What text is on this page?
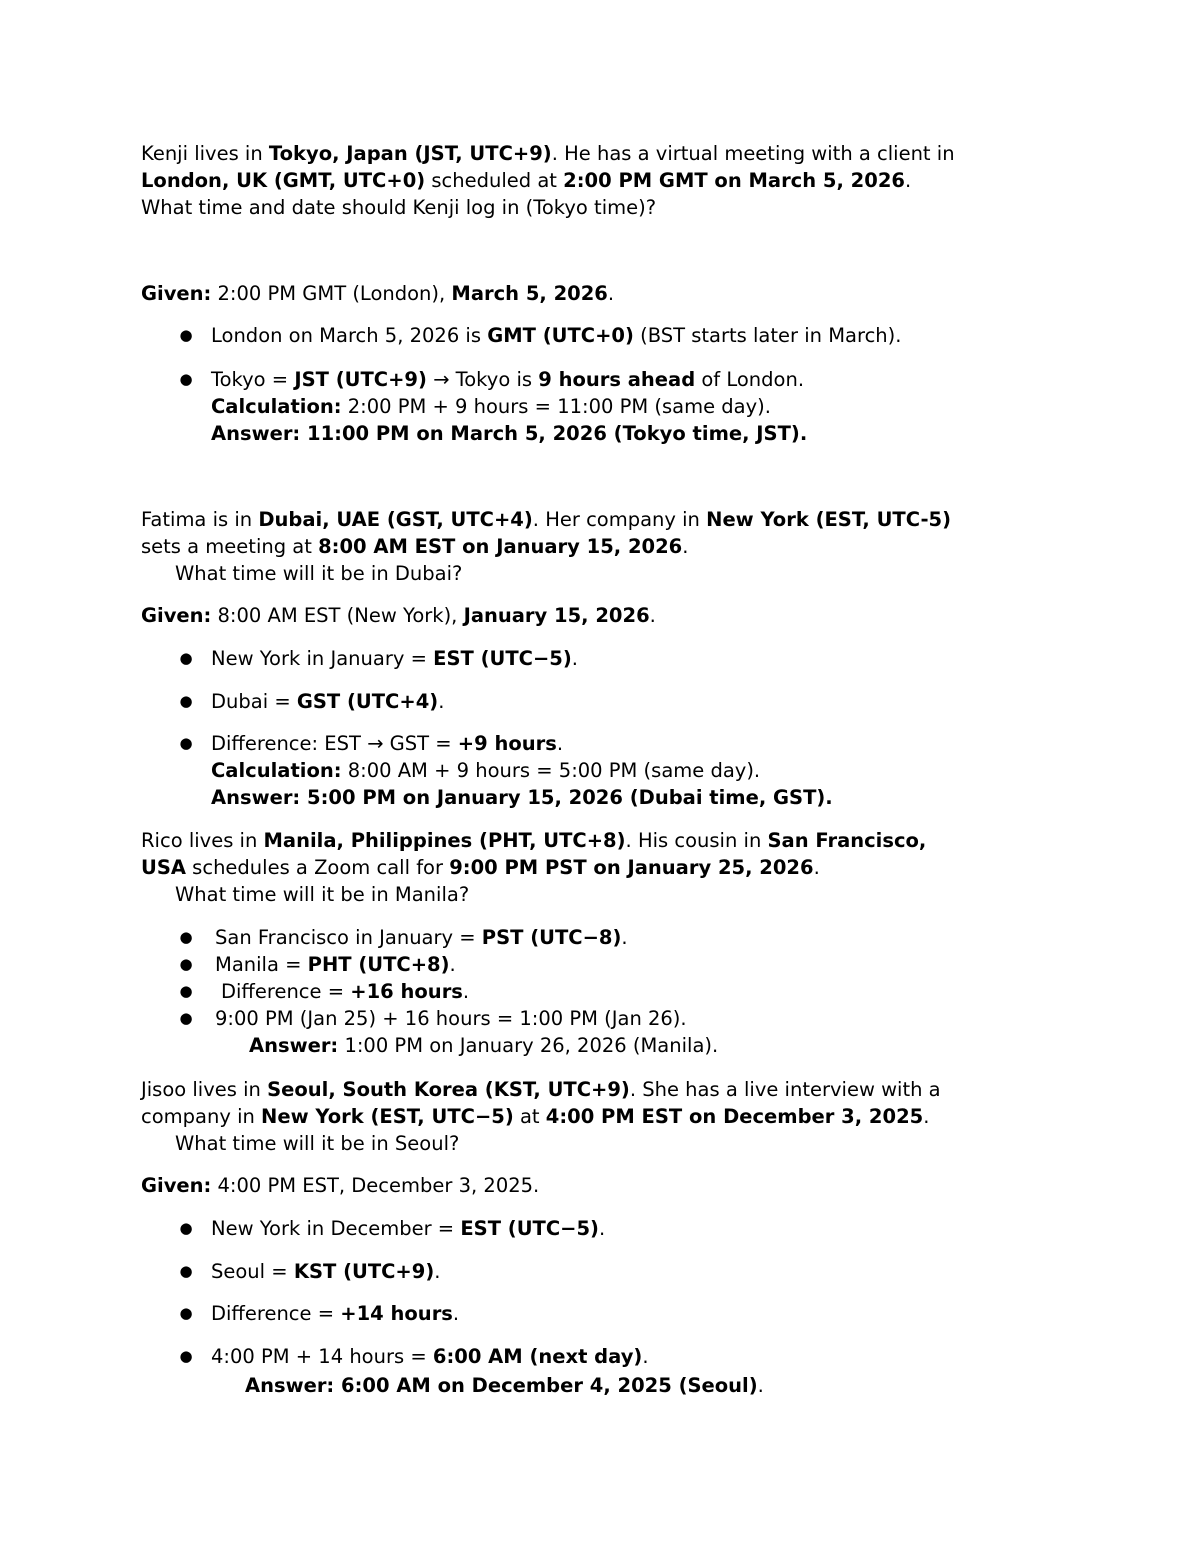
Kenji lives in Tokyo, Japan (JST, UTC+9). He has a virtual meeting with a client in
London, UK (GMT, UTC+0) scheduled at 2:00 PM GMT on March 5, 2026.
What time and date should Kenji log in (Tokyo time)?
Given: 2:00 PM GMT (London), March 5, 2026.
● London on March 5, 2026 is GMT (UTC+0) (BST starts later in March).
● Tokyo = JST (UTC+9) → Tokyo is 9 hours ahead of London.
Calculation: 2:00 PM + 9 hours = 11:00 PM (same day).
Answer: 11:00 PM on March 5, 2026 (Tokyo time, JST).
Fatima is in Dubai, UAE (GST, UTC+4). Her company in New York (EST, UTC-5)
sets a meeting at 8:00 AM EST on January 15, 2026.
What time will it be in Dubai?
Given: 8:00 AM EST (New York), January 15, 2026.
● New York in January = EST (UTC−5).
● Dubai = GST (UTC+4).
● Difference: EST → GST = +9 hours.
Calculation: 8:00 AM + 9 hours = 5:00 PM (same day).
Answer: 5:00 PM on January 15, 2026 (Dubai time, GST).
Rico lives in Manila, Philippines (PHT, UTC+8). His cousin in San Francisco,
USA schedules a Zoom call for 9:00 PM PST on January 25, 2026.
What time will it be in Manila?
● San Francisco in January = PST (UTC−8).
● Manila = PHT (UTC+8).
● Difference = +16 hours.
● 9:00 PM (Jan 25) + 16 hours = 1:00 PM (Jan 26).
Answer: 1:00 PM on January 26, 2026 (Manila).
Jisoo lives in Seoul, South Korea (KST, UTC+9). She has a live interview with a
company in New York (EST, UTC−5) at 4:00 PM EST on December 3, 2025.
What time will it be in Seoul?
Given: 4:00 PM EST, December 3, 2025.
● New York in December = EST (UTC−5).
● Seoul = KST (UTC+9).
● Difference = +14 hours.
● 4:00 PM + 14 hours = 6:00 AM (next day).
Answer: 6:00 AM on December 4, 2025 (Seoul).
